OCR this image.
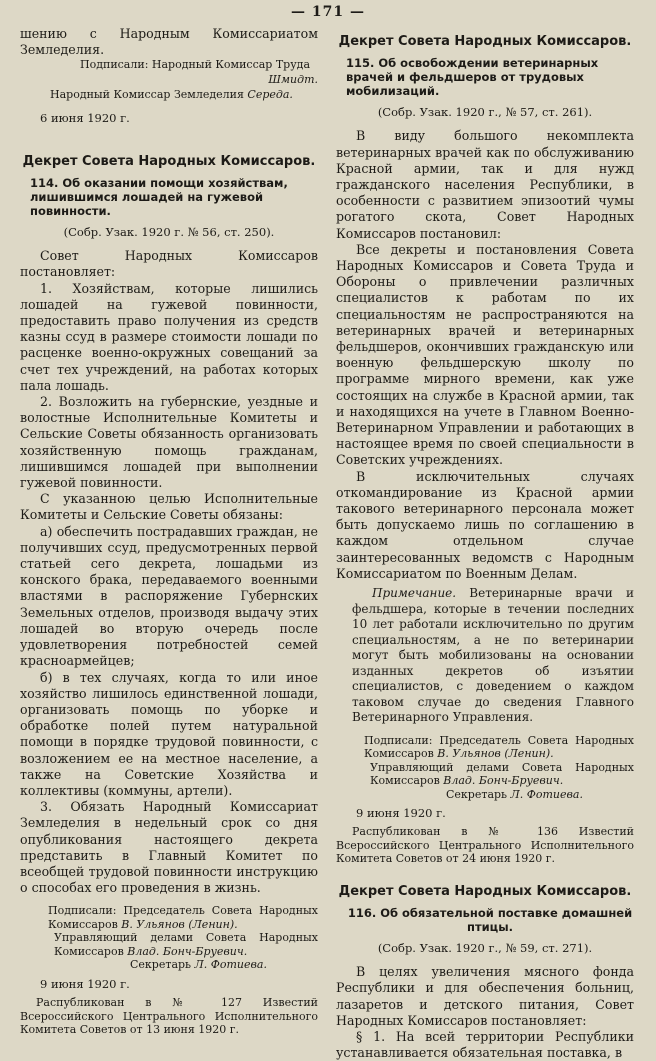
— 171 —

шению с Народным Комиссариатом Земледелия.

Подписали: Народный Комиссар Труда

Шмидт.

Народный Комиссар Земледелия Середа.

6 июня 1920 г.

Декрет Совета Народных Комиссаров.
114. Об оказании помощи хозяйствам, лишившимся лошадей на гужевой повинности.
(Собр. Узак. 1920 г. № 56, ст. 250).

Совет Народных Комиссаров постановляет:

1. Хозяйствам, которые лишились лошадей на гужевой повинности, предоставить право получения из средств казны ссуд в размере стоимости лошади по расценке военно-окружных совещаний за счет тех учреждений, на работах которых пала лошадь.

2. Возложить на губернские, уездные и волостные Исполнительные Комитеты и Сельские Советы обязанность организовать хозяйственную помощь гражданам, лишившимся лошадей при выполнении гужевой повинности.

С указанною целью Исполнительные Комитеты и Сельские Советы обязаны:

а) обеспечить пострадавших граждан, не получивших ссуд, предусмотренных первой статьей сего декрета, лошадьми из конского брака, передаваемого военными властями в распоряжение Губернских Земельных отделов, производя выдачу этих лошадей во вторую очередь после удовлетворения потребностей семей красноармейцев;

б) в тех случаях, когда то или иное хозяйство лишилось единственной лошади, организовать помощь по уборке и обработке полей путем натуральной помощи в порядке трудовой повинности, с возложением ее на местное население, а также на Советские Хозяйства и коллективы (коммуны, артели).

3. Обязать Народный Комиссариат Земледелия в недельный срок со дня опубликования настоящего декрета представить в Главный Комитет по всеобщей трудовой повинности инструкцию о способах его проведения в жизнь.

Подписали: Председатель Совета Народных Комиссаров В. Ульянов (Ленин).

Управляющий делами Совета Народных Комиссаров Влад. Бонч-Бруевич.

Секретарь Л. Фотиева.

9 июня 1920 г.

Распубликован в № 127 Известий Всероссийского Центрального Исполнительного Комитета Советов от 13 июня 1920 г.

Декрет Совета Народных Комиссаров.
115. Об освобождении ветеринарных врачей и фельдшеров от трудовых мобилизаций.
(Собр. Узак. 1920 г., № 57, ст. 261).

В виду большого некомплекта ветеринарных врачей как по обслуживанию Красной армии, так и для нужд гражданского населения Республики, в особенности с развитием эпизоотий чумы рогатого скота, Совет Народных Комиссаров постановил:

Все декреты и постановления Совета Народных Комиссаров и Совета Труда и Обороны о привлечении различных специалистов к работам по их специальностям не распространяются на ветеринарных врачей и ветеринарных фельдшеров, окончивших гражданскую или военную фельдшерскую школу по программе мирного времени, как уже состоящих на службе в Красной армии, так и находящихся на учете в Главном Военно-Ветеринарном Управлении и работающих в настоящее время по своей специальности в Советских учреждениях.

В исключительных случаях откомандирование из Красной армии такового ветеринарного персонала может быть допускаемо лишь по соглашению в каждом отдельном случае заинтересованных ведомств с Народным Комиссариатом по Военным Делам.

Примечание. Ветеринарные врачи и фельдшера, которые в течении последних 10 лет работали исключительно по другим специальностям, а не по ветеринарии могут быть мобилизованы на основании изданных декретов об изъятии специалистов, с доведением о каждом таковом случае до сведения Главного Ветеринарного Управления.

Подписали: Председатель Совета Народных Комиссаров В. Ульянов (Ленин).

Управляющий делами Совета Народных Комиссаров Влад. Бонч-Бруевич.

Секретарь Л. Фотиева.

9 июня 1920 г.

Распубликован в № 136 Известий Всероссийского Центрального Исполнительного Комитета Советов от 24 июня 1920 г.

Декрет Совета Народных Комиссаров.
116. Об обязательной поставке домашней птицы.
(Собр. Узак. 1920 г., № 59, ст. 271).

В целях увеличения мясного фонда Республики и для обеспечения больниц, лазаретов и детского питания, Совет Народных Комиссаров постановляет:

§ 1. На всей территории Республики устанавливается обязательная поставка, в
